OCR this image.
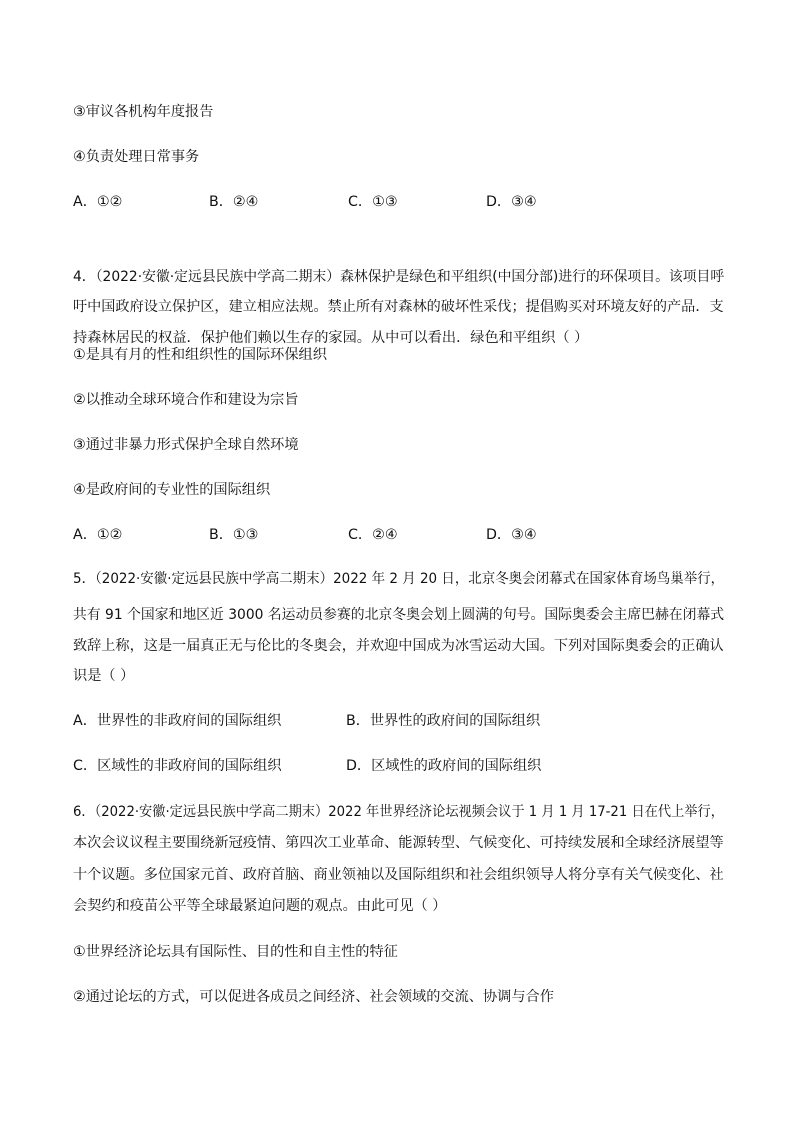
③审议各机构年度报告
④负责处理日常事务
A．①②	B．②④	C．①③	D．③④
4．（2022·安徽·定远县民族中学高二期末）森林保护是绿色和平组织(中国分部)进行的环保项目。该项目呼
吁中国政府设立保护区，建立相应法规。禁止所有对森林的破坏性采伐；提倡购买对环境友好的产品．支
持森林居民的权益．保护他们赖以生存的家园。从中可以看出．绿色和平组织（ ）
①是具有月的性和组织性的国际环保组织
②以推动全球环境合作和建设为宗旨
③通过非暴力形式保护全球自然环境
④是政府间的专业性的国际组织
A．①②	B．①③	C．②④	D．③④
5．（2022·安徽·定远县民族中学高二期末）2022 年 2 月 20 日，北京冬奥会闭幕式在国家体育场鸟巢举行，
共有 91 个国家和地区近 3000 名运动员参赛的北京冬奥会划上圆满的句号。国际奥委会主席巴赫在闭幕式
致辞上称，这是一届真正无与伦比的冬奥会，并欢迎中国成为冰雪运动大国。下列对国际奥委会的正确认
识是（ ）
A．世界性的非政府间的国际组织	B．世界性的政府间的国际组织
C．区域性的非政府间的国际组织	D．区域性的政府间的国际组织
6．（2022·安徽·定远县民族中学高二期末）2022 年世界经济论坛视频会议于 1 月 1 月 17-21 日在代上举行，
本次会议议程主要围绕新冠疫情、第四次工业革命、能源转型、气候变化、可持续发展和全球经济展望等
十个议题。多位国家元首、政府首脑、商业领袖以及国际组织和社会组织领导人将分享有关气候变化、社
会契约和疫苗公平等全球最紧迫问题的观点。由此可见（ ）
①世界经济论坛具有国际性、目的性和自主性的特征
②通过论坛的方式，可以促进各成员之间经济、社会领域的交流、协调与合作
